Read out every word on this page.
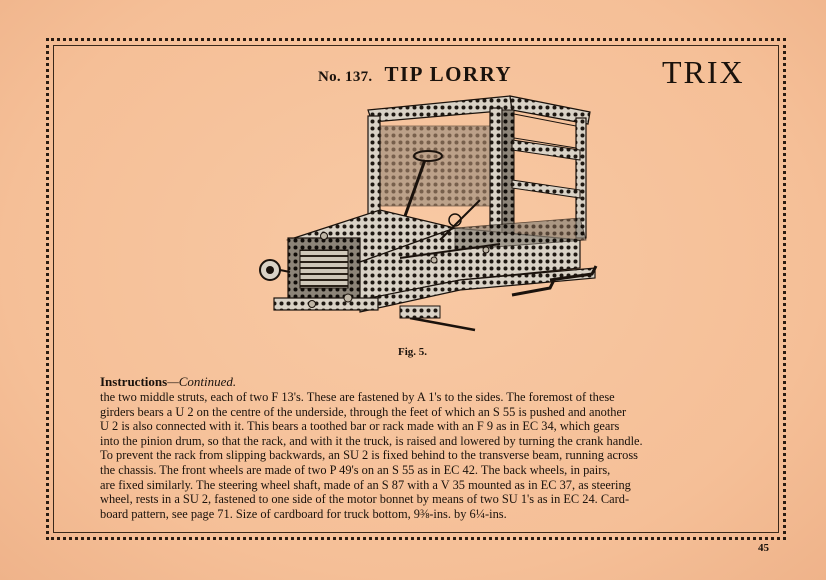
No. 137. TIP LORRY	TRIX
Fig. 5.
Instructions—Continued.
the two middle struts, each of two F 13's. These are fastened by A 1's to the sides. The foremost of these
girders bears a U 2 on the centre of the underside, through the feet of which an S 55 is pushed and another
U 2 is also connected with it. This bears a toothed bar or rack made with an F 9 as in EC 34, which gears
into the pinion drum, so that the rack, and with it the truck, is raised and lowered by turning the crank handle.
To prevent the rack from slipping backwards, an SU 2 is fixed behind to the transverse beam, running across
the chassis. The front wheels are made of two P 49's on an S 55 as in EC 42. The back wheels, in pairs,
are fixed similarly. The steering wheel shaft, made of an S 87 with a V 35 mounted as in EC 37, as steering
wheel, rests in a SU 2, fastened to one side of the motor bonnet by means of two SU 1's as in EC 24. Card-
board pattern, see page 71. Size of cardboard for truck bottom, 9⅜-ins. by 6¼-ins.
45
